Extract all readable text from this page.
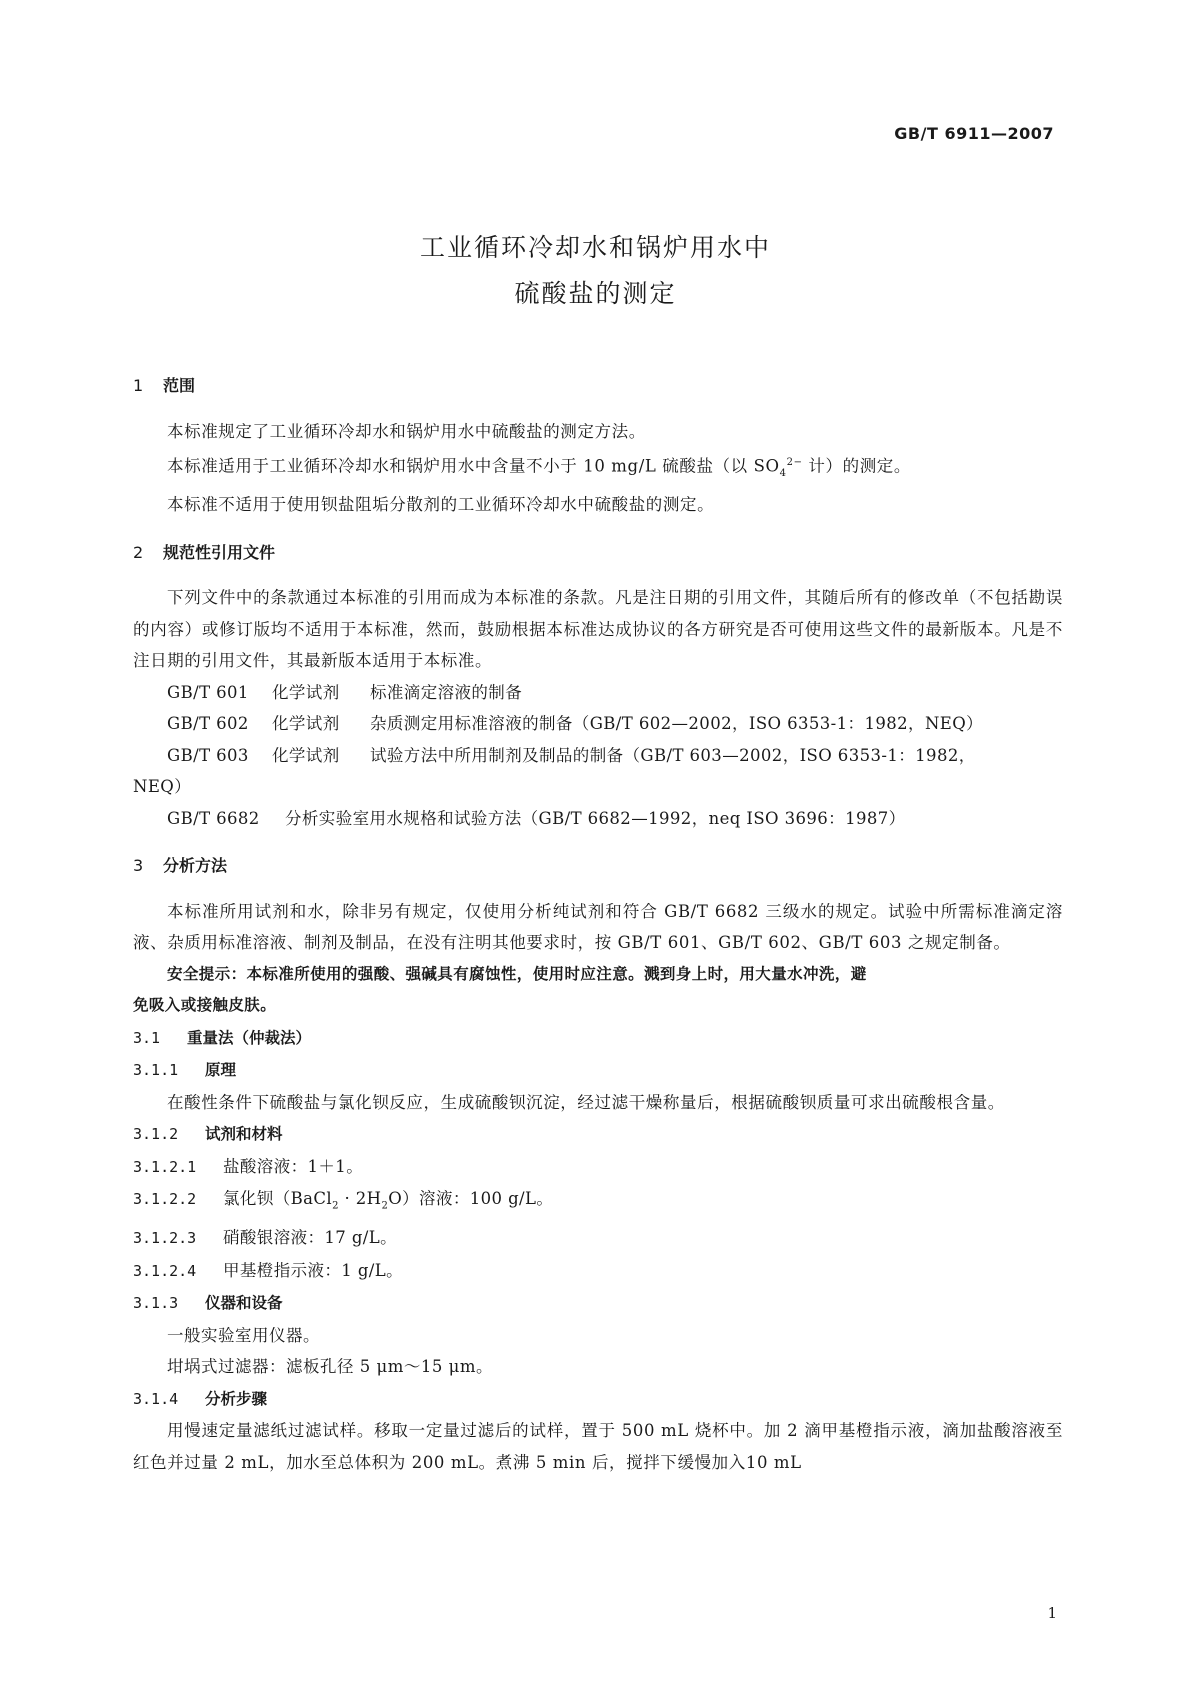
GB/T 6911—2007
工业循环冷却水和锅炉用水中
硫酸盐的测定

1 范围

本标准规定了工业循环冷却水和锅炉用水中硫酸盐的测定方法。

本标准适用于工业循环冷却水和锅炉用水中含量不小于 10 mg/L 硫酸盐（以 $SO_4^{2-}$ 计）的测定。

本标准不适用于使用钡盐阻垢分散剂的工业循环冷却水中硫酸盐的测定。

2 规范性引用文件

下列文件中的条款通过本标准的引用而成为本标准的条款。凡是注日期的引用文件，其随后所有的修改单（不包括勘误的内容）或修订版均不适用于本标准，然而，鼓励根据本标准达成协议的各方研究是否可使用这些文件的最新版本。凡是不注日期的引用文件，其最新版本适用于本标准。

GB/T 601 化学试剂 标准滴定溶液的制备

GB/T 602 化学试剂 杂质测定用标准溶液的制备（GB/T 602—2002，ISO 6353-1：1982，NEQ）

GB/T 603 化学试剂 试验方法中所用制剂及制品的制备（GB/T 603—2002，ISO 6353-1：1982，

NEQ）

GB/T 6682 分析实验室用水规格和试验方法（GB/T 6682—1992，neq ISO 3696：1987）

3 分析方法

本标准所用试剂和水，除非另有规定，仅使用分析纯试剂和符合 GB/T 6682 三级水的规定。试验中所需标准滴定溶液、杂质用标准溶液、制剂及制品，在没有注明其他要求时，按 GB/T 601、GB/T 602、GB/T 603 之规定制备。

安全提示：本标准所使用的强酸、强碱具有腐蚀性，使用时应注意。溅到身上时，用大量水冲洗，避

免吸入或接触皮肤。

3.1 重量法（仲裁法）

3.1.1 原理

在酸性条件下硫酸盐与氯化钡反应，生成硫酸钡沉淀，经过滤干燥称量后，根据硫酸钡质量可求出硫酸根含量。

3.1.2 试剂和材料

3.1.2.1 盐酸溶液：1＋1。

3.1.2.2 氯化钡（BaCl$_2$ · $2H_2O$）溶液：100 g/L。

3.1.2.3 硝酸银溶液：17 g/L。

3.1.2.4 甲基橙指示液：1 g/L。

3.1.3 仪器和设备

一般实验室用仪器。

坩埚式过滤器：滤板孔径 5 μm～15 μm。

3.1.4 分析步骤

用慢速定量滤纸过滤试样。移取一定量过滤后的试样，置于 500 mL 烧杯中。加 2 滴甲基橙指示液，滴加盐酸溶液至红色并过量 2 mL，加水至总体积为 200 mL。煮沸 5 min 后，搅拌下缓慢加入10 mL

1
